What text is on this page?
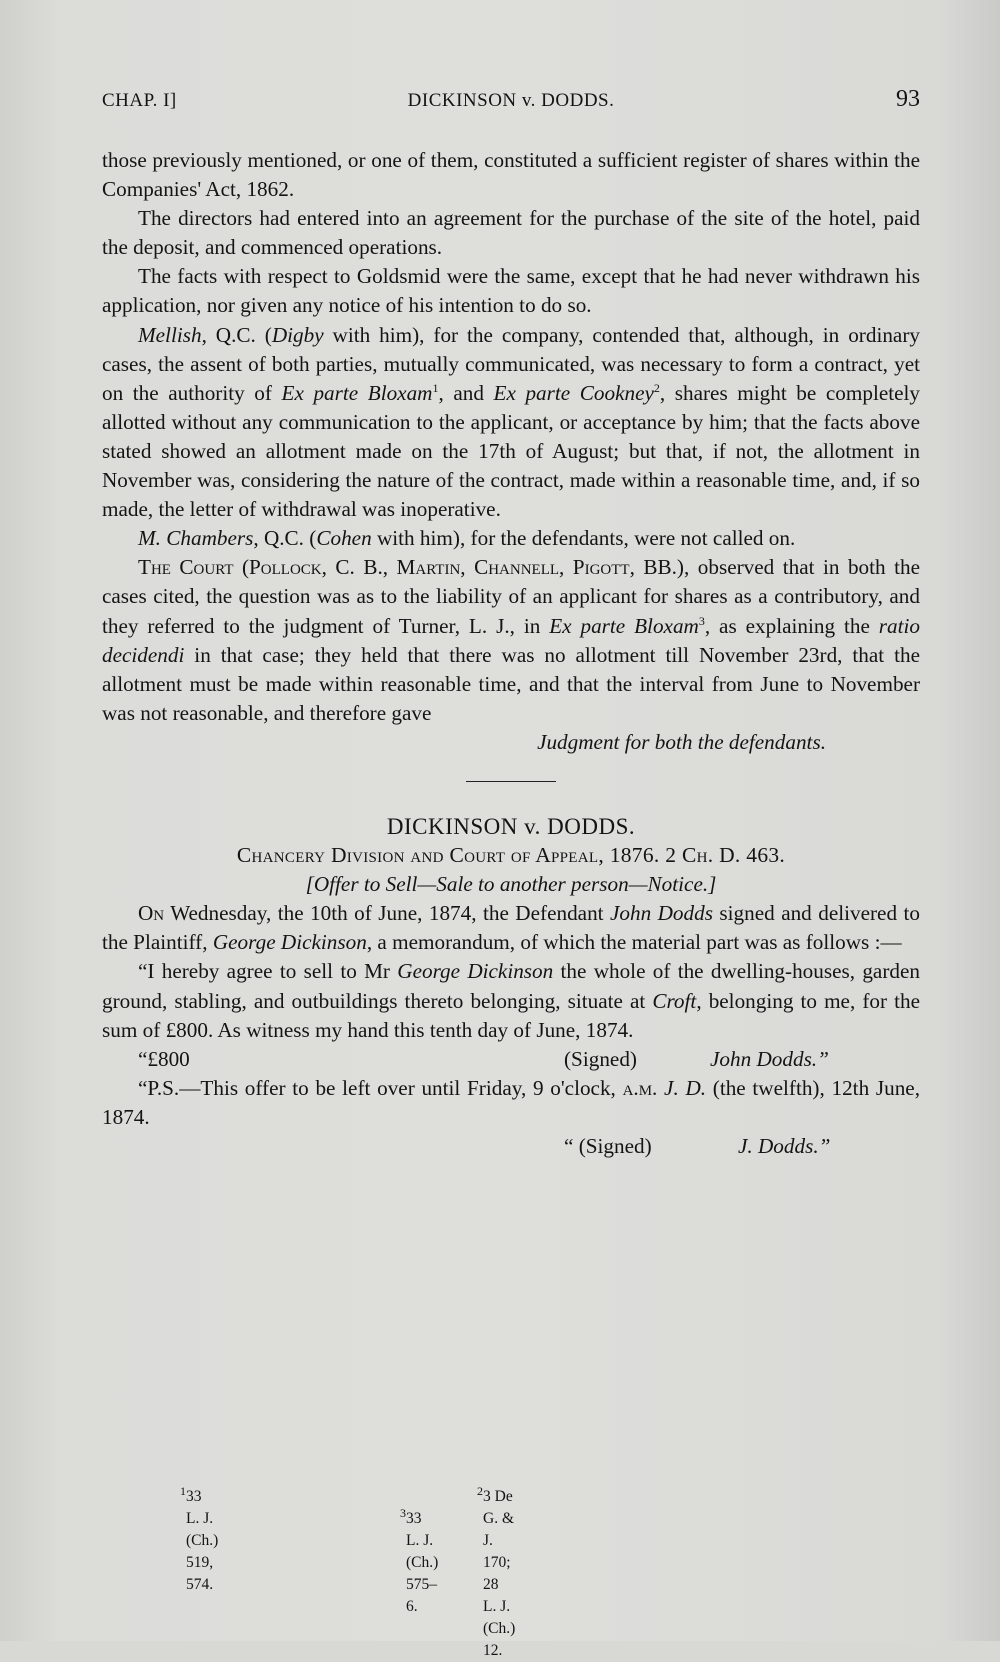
CHAP. I]	DICKINSON v. DODDS.	93

those previously mentioned, or one of them, constituted a sufficient register of shares within the Companies' Act, 1862.

The directors had entered into an agreement for the purchase of the site of the hotel, paid the deposit, and commenced operations.

The facts with respect to Goldsmid were the same, except that he had never withdrawn his application, nor given any notice of his intention to do so.

Mellish, Q.C. (Digby with him), for the company, contended that, although, in ordinary cases, the assent of both parties, mutually communicated, was necessary to form a contract, yet on the authority of Ex parte Bloxam$^1$, and Ex parte Cookney$^2$, shares might be completely allotted without any communication to the applicant, or acceptance by him; that the facts above stated showed an allotment made on the 17th of August; but that, if not, the allotment in November was, considering the nature of the contract, made within a reasonable time, and, if so made, the letter of withdrawal was inoperative.

M. Chambers, Q.C. (Cohen with him), for the defendants, were not called on.

The Court (Pollock, C. B., Martin, Channell, Pigott, BB.), observed that in both the cases cited, the question was as to the liability of an applicant for shares as a contributory, and they referred to the judgment of Turner, L. J., in Ex parte Bloxam$^3$, as explaining the ratio decidendi in that case; they held that there was no allotment till November 23rd, that the allotment must be made within reasonable time, and that the interval from June to November was not reasonable, and therefore gave

Judgment for both the defendants.

DICKINSON v. DODDS.

Chancery Division and Court of Appeal, 1876. 2 Ch. D. 463.

[Offer to Sell—Sale to another person—Notice.]

On Wednesday, the 10th of June, 1874, the Defendant John Dodds signed and delivered to the Plaintiff, George Dickinson, a memorandum, of which the material part was as follows :—

“I hereby agree to sell to Mr George Dickinson the whole of the dwelling-houses, garden ground, stabling, and outbuildings thereto belonging, situate at Croft, belonging to me, for the sum of £800. As witness my hand this tenth day of June, 1874.

“£800	(Signed)	John Dodds.”

“P.S.—This offer to be left over until Friday, 9 o'clock, a.m. J. D. (the twelfth), 12th June, 1874.

“ (Signed)	J. Dodds.”
$^1$ 33 L. J. (Ch.) 519, 574.
$^2$ 3 De G. & J. 170; 28 L. J. (Ch.) 12.
$^3$ 33 L. J. (Ch.) 575–6.
